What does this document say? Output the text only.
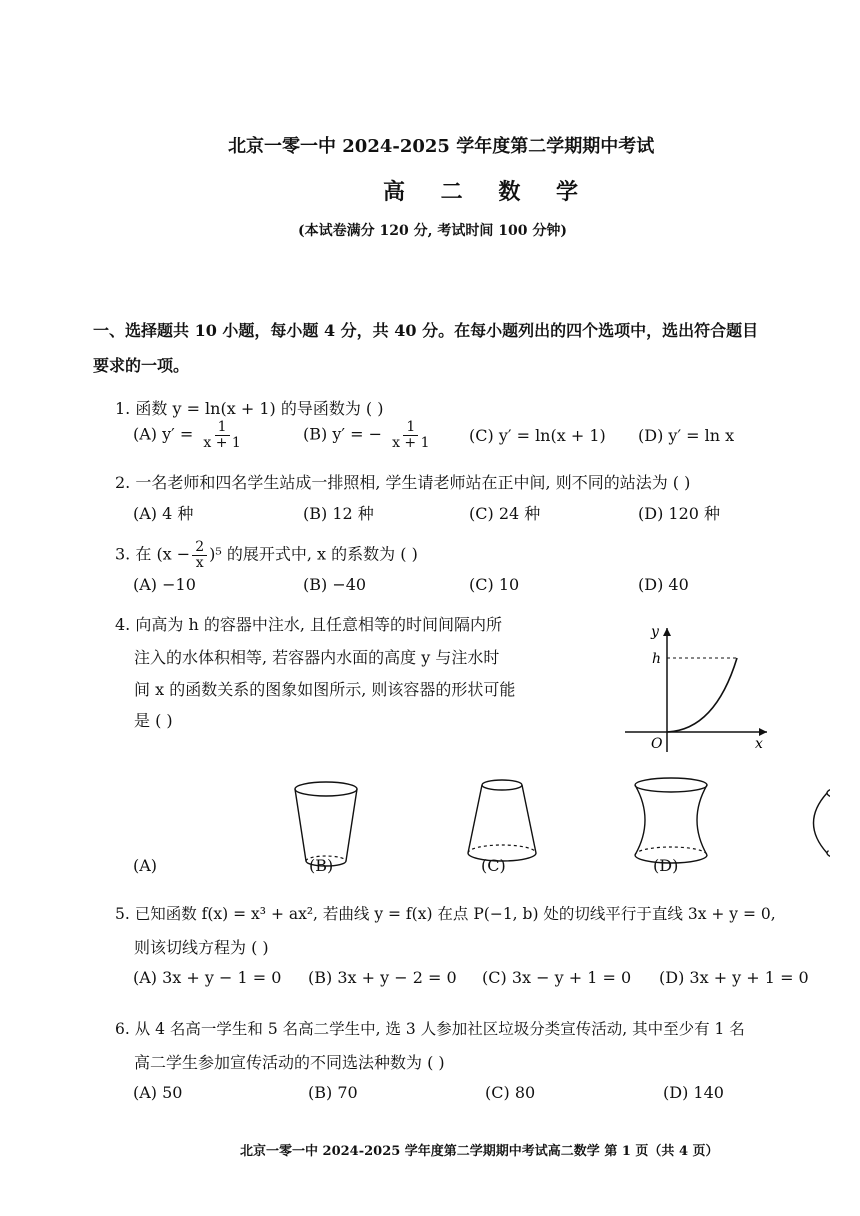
北京一零一中 2024-2025 学年度第二学期期中考试
高 二 数 学
(本试卷满分 120 分, 考试时间 100 分钟)
一、选择题共 10 小题，每小题 4 分，共 40 分。在每小题列出的四个选项中，选出符合题目
要求的一项。
1. 函数 y = ln(x + 1) 的导函数为 ( )
(A) $y' = \frac{1}{x + 1}$	(B) y′ = − $\frac{1}{x + 1} (C) y' = \ln(x + 1)$ (D) y′ = ln x
2. 一名老师和四名学生站成一排照相, 学生请老师站在正中间, 则不同的站法为 ( )
(A) 4 种	(B) 12 种	(C) 24 种	(D) 120 种
3. 在 $(x - \frac{2}{x} )^5$ 的展开式中, x 的系数为 ( )
(A) −10	(B) −40	(C) 10	(D) 40
4. 向高为 h 的容器中注水, 且任意相等的时间间隔内所
注入的水体积相等, 若容器内水面的高度 y 与注水时
间 x 的函数关系的图象如图所示, 则该容器的形状可能
是 ( )
y
x
h
O
(A)	(B)	(C)	(D)
5. 已知函数 f(x) = x³ + ax², 若曲线 y = f(x) 在点 P(−1, b) 处的切线平行于直线 3x + y = 0,
则该切线方程为 ( )
(A) 3x + y − 1 = 0 (B) 3x + y − 2 = 0 (C) 3x − y + 1 = 0 (D) 3x + y + 1 = 0
6. 从 4 名高一学生和 5 名高二学生中, 选 3 人参加社区垃圾分类宣传活动, 其中至少有 1 名
高二学生参加宣传活动的不同选法种数为 ( )
(A) 50	(B) 70	(C) 80	(D) 140
北京一零一中 2024-2025 学年度第二学期期中考试高二数学 第 1 页（共 4 页）
